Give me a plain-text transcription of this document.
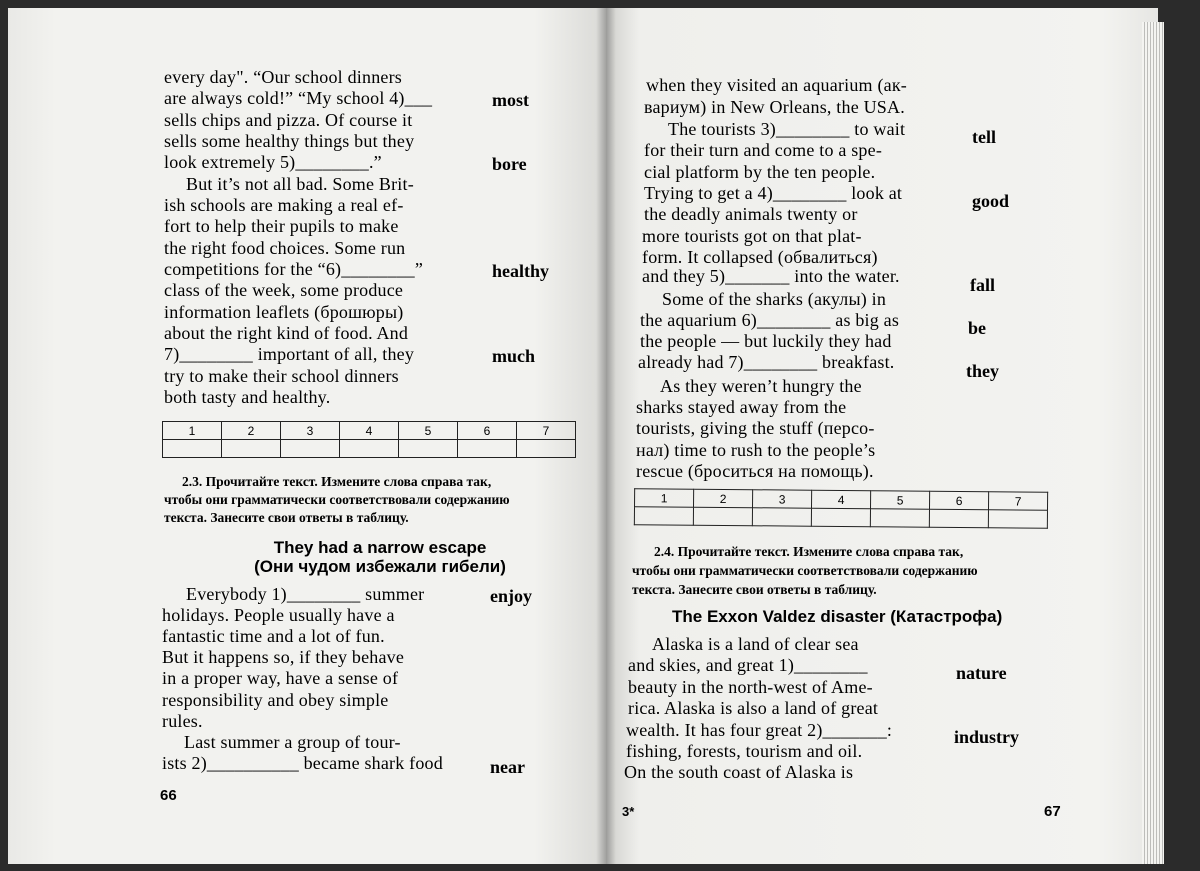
every day". “Our school dinners
are always cold!” “My school 4)___
sells chips and pizza. Of course it
sells some healthy things but they
look extremely 5)________.”
But it’s not all bad. Some Brit-
ish schools are making a real ef-
fort to help their pupils to make
the right food choices. Some run
competitions for the “6)________”
class of the week, some produce
information leaflets (брошюры)
about the right kind of food. And
7)________ important of all, they
try to make their school dinners
both tasty and healthy.
most
bore
healthy
much
1	2	3	4	5	6	7

2.3. Прочитайте текст. Измените слова справа так,
чтобы они грамматически соответствовали содержанию
текста. Занесите свои ответы в таблицу.
They had a narrow escape
(Они чудом избежали гибели)
Everybody 1)________ summer
holidays. People usually have a
fantastic time and a lot of fun.
But it happens so, if they behave
in a proper way, have a sense of
responsibility and obey simple
rules.
Last summer a group of tour-
ists 2)__________ became shark food
enjoy
near
66
when they visited an aquarium (ак-
вариум) in New Orleans, the USA.
The tourists 3)________ to wait
for their turn and come to a spe-
cial platform by the ten people.
Trying to get a 4)________ look at
the deadly animals twenty or
more tourists got on that plat-
form. It collapsed (обвалиться)
and they 5)_______ into the water.
Some of the sharks (акулы) in
the aquarium 6)________ as big as
the people — but luckily they had
already had 7)________ breakfast.
As they weren’t hungry the
sharks stayed away from the
tourists, giving the stuff (персо-
нал) time to rush to the people’s
rescue (броситься на помощь).
tell
good
fall
be
they
1	2	3	4	5	6	7

2.4. Прочитайте текст. Измените слова справа так,
чтобы они грамматически соответствовали содержанию
текста. Занесите свои ответы в таблицу.
The Exxon Valdez disaster (Катастрофа)
Alaska is a land of clear sea
and skies, and great 1)________
beauty in the north-west of Ame-
rica. Alaska is also a land of great
wealth. It has four great 2)_______:
fishing, forests, tourism and oil.
On the south coast of Alaska is
nature
industry
3*	67
